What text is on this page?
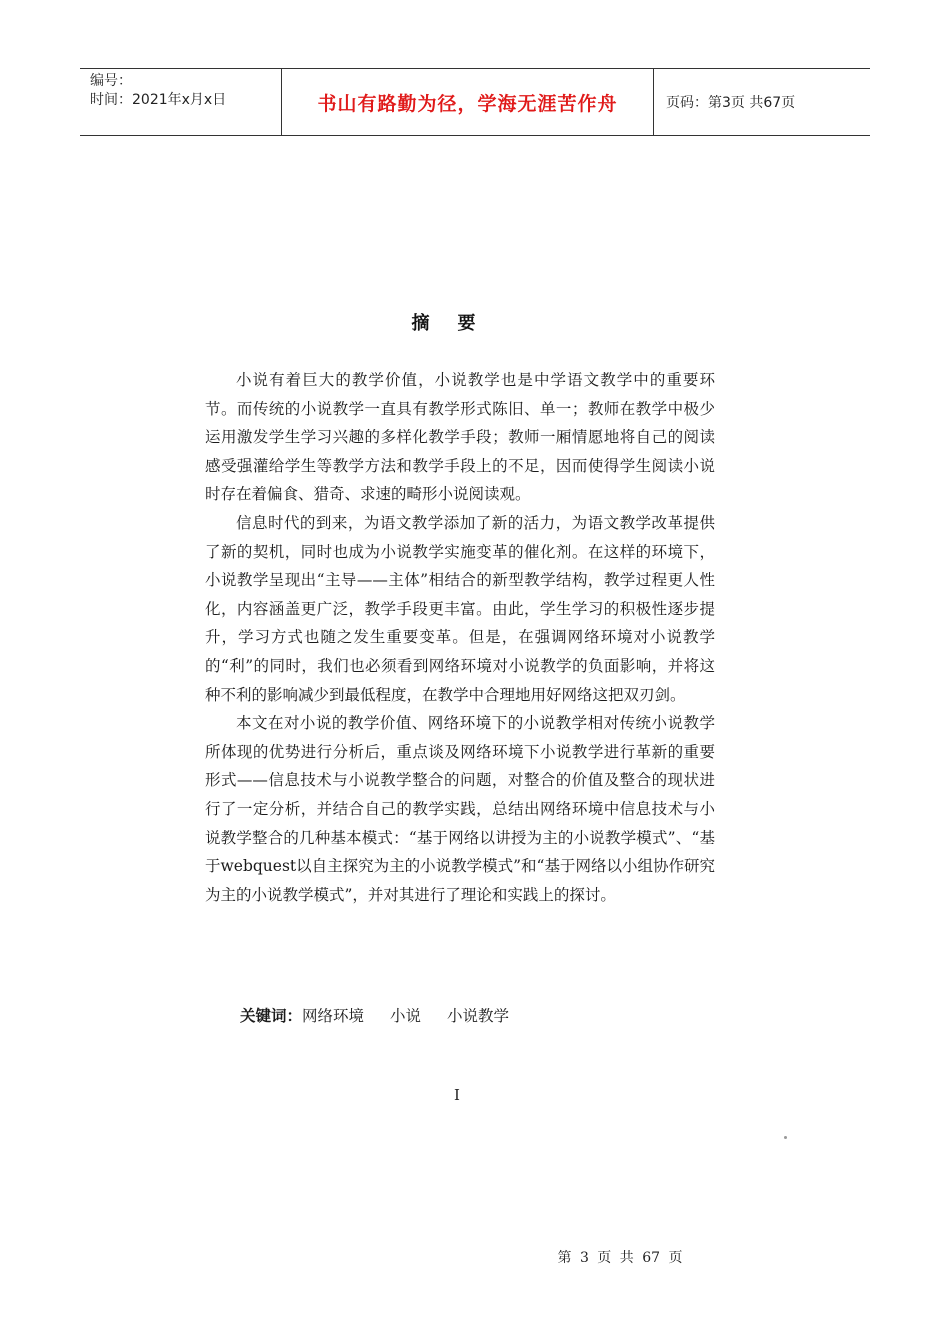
编号：
时间：2021年x月x日	书山有路勤为径，学海无涯苦作舟	页码：第3页 共67页
摘要

小说有着巨大的教学价值，小说教学也是中学语文教学中的重要环节。而传统的小说教学一直具有教学形式陈旧、单一；教师在教学中极少运用激发学生学习兴趣的多样化教学手段；教师一厢情愿地将自己的阅读感受强灌给学生等教学方法和教学手段上的不足，因而使得学生阅读小说时存在着偏食、猎奇、求速的畸形小说阅读观。

信息时代的到来，为语文教学添加了新的活力，为语文教学改革提供了新的契机，同时也成为小说教学实施变革的催化剂。在这样的环境下，小说教学呈现出“主导——主体”相结合的新型教学结构，教学过程更人性化，内容涵盖更广泛，教学手段更丰富。由此，学生学习的积极性逐步提升，学习方式也随之发生重要变革。但是，在强调网络环境对小说教学的“利”的同时，我们也必须看到网络环境对小说教学的负面影响，并将这种不利的影响减少到最低程度，在教学中合理地用好网络这把双刃剑。

本文在对小说的教学价值、网络环境下的小说教学相对传统小说教学所体现的优势进行分析后，重点谈及网络环境下小说教学进行革新的重要形式——信息技术与小说教学整合的问题，对整合的价值及整合的现状进行了一定分析，并结合自己的教学实践，总结出网络环境中信息技术与小说教学整合的几种基本模式：“基于网络以讲授为主的小说教学模式”、“基于webquest以自主探究为主的小说教学模式”和“基于网络以小组协作研究为主的小说教学模式”，并对其进行了理论和实践上的探讨。

关键词：网络环境 小说 小说教学
I
第 3 页 共 67 页
